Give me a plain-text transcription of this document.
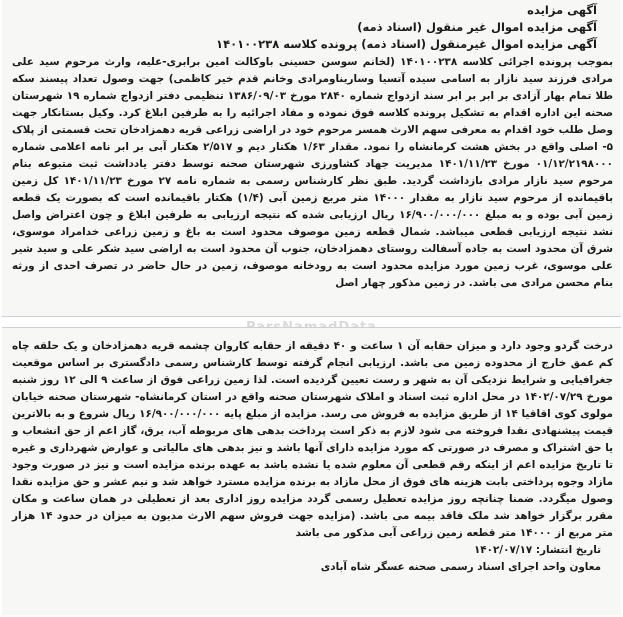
آگهی مزایده

آگهی مزایده اموال غیر منقول (اسناد ذمه)

آگهی مزایده اموال غیرمنقول (اسناد ذمه) پرونده کلاسه ۱۴۰۱۰۰۲۳۸

بموجب پرونده اجرائی کلاسه ۱۴۰۱۰۰۲۳۸ (لخانم سوسن حسینی باوکالت امین برابری-علیه، وارث مرحوم سید علی مرادی فرزند سید نازار به اسامی سیده آتسیا وساریناومرادی وخانم قدم خیر کاظمی) جهت وصول تعداد پیسند سکه طلا تمام بهار آزادی بر ابر بر ابر سند ازدواج شماره ۲۸۴۰ مورخ ۱۳۸۶/۰۹/۰۳ تنظیمی دفتر ازدواج شماره ۱۹ شهرستان صحنه این اداره اقدام به تشکیل پرونده کلاسه فوق نموده و مفاد اجرائیه را به طرفین ابلاغ کرد. وکیل بستانکار جهت وصل طلب خود اقدام به معرفی سهم الارث همسر مرحوم خود در اراضی زراعی قریه دهمزادخان تحت قسمتی از پلاک ۵- اصلی واقع در بخش هشت کرمانشاه را نمود. مقدار ۱/۶۳ هکتار دیم و ۲/۵۱۷ هکتار آبی بر ابر نامه اعلامی شماره ۰۱/۱۲/۲۱۹۸۰۰۰ مورخ ۱۴۰۱/۱۱/۲۳ مدیریت جهاد کشاورزی شهرستان صحنه توسط دفتر یادداشت ثبت متبوعه بنام مرحوم سید نازار مرادی بازداشت گردید. طبق نظر کارشناس رسمی به شماره نامه ۲۷ مورخ ۱۴۰۱/۱۱/۲۳ کل زمین باقیمانده از مرحوم سید نازار به مقدار ۱۴۰۰۰ متر مربع زمین آبی (۱/۴) هکتار باقیمانده است که بصورت یک قطعه زمین آبی بوده و به مبلغ ۱۶/۹۰۰/۰۰۰/۰۰۰ ریال ارزیابی شده که نتیجه ارزیابی به طرفین ابلاغ و چون اعتراض واصل نشد نتیجه ارزیابی قطعی میباشد. شمال قطعه زمین موصوف محدود است به باغ و زمین زراعی خدامراد موسوی، شرق آن محدود است به جاده آسفالت روستای دهمزادخان، جنوب آن محدود است به اراضی سید شکر علی و سید شیر علی موسوی، غرب زمین مورد مزایده محدود است به رودخانه موصوف، زمین در حال حاضر در تصرف احدی از ورثه بنام محسن مرادی می باشد. در زمین مذکور چهار اصل

درخت گردو وجود دارد و میزان حقابه آن ۱ ساعت و ۴۰ دقیقه از حقابه کاروان چشمه قریه دهمزادخان و یک حلقه چاه کم عمق خارج از محدوده زمین می باشد. ارزیابی انجام گرفته توسط کارشناس رسمی دادگستری بر اساس موقعیت جغرافیایی و شرایط نزدیکی آن به شهر و رست تعیین گردیده است. لذا زمین زراعی فوق از ساعت ۹ الی ۱۲ روز شنبه مورخ ۱۴۰۲/۰۷/۲۹ در محل اداره ثبت اسناد و املاک شهرستان صحنه واقع در استان کرمانشاه- شهرستان صحنه خیابان مولوی کوی اقاقیا ۱۴ از طریق مزایده به فروش می رسد. مزایده از مبلغ پایه ۱۶/۹۰۰/۰۰۰/۰۰۰ ریال شروع و به بالاترین قیمت پیشنهادی نقدا فروخته می شود لازم به ذکر است پرداخت بدهی های مربوطه آب، برق، گاز اعم از حق انشعاب و یا حق اشتراک و مصرف در صورتی که مورد مزایده دارای آنها باشد و نیز بدهی های مالیاتی و عوارض شهرداری و غیره تا تاریخ مزایده اعم از اینکه رقم قطعی آن معلوم شده یا نشده باشد به عهده برنده مزایده است و نیز در صورت وجود مازاد وجوه پرداختی بابت هزینه های فوق از محل مازاد به برنده مزایده مسترد خواهد شد و نیم عشر و حق مزایده نقدا وصول میگردد. ضمنا چنانچه روز مزایده تعطیل رسمی گردد مزایده روز اداری بعد از تعطیلی در همان ساعت و مکان مقرر برگزار خواهد شد ملک فاقد بیمه می باشد. (مزایده جهت فروش سهم الارث مدیون به میزان در حدود ۱۴ هزار متر مربع از ۱۴۰۰۰ متر قطعه زمین زراعی آبی مذکور می باشد

تاریخ انتشار: ۱۴۰۲/۰۷/۱۷

معاون واحد اجرای اسناد رسمی صحنه عسگر شاه آبادی
